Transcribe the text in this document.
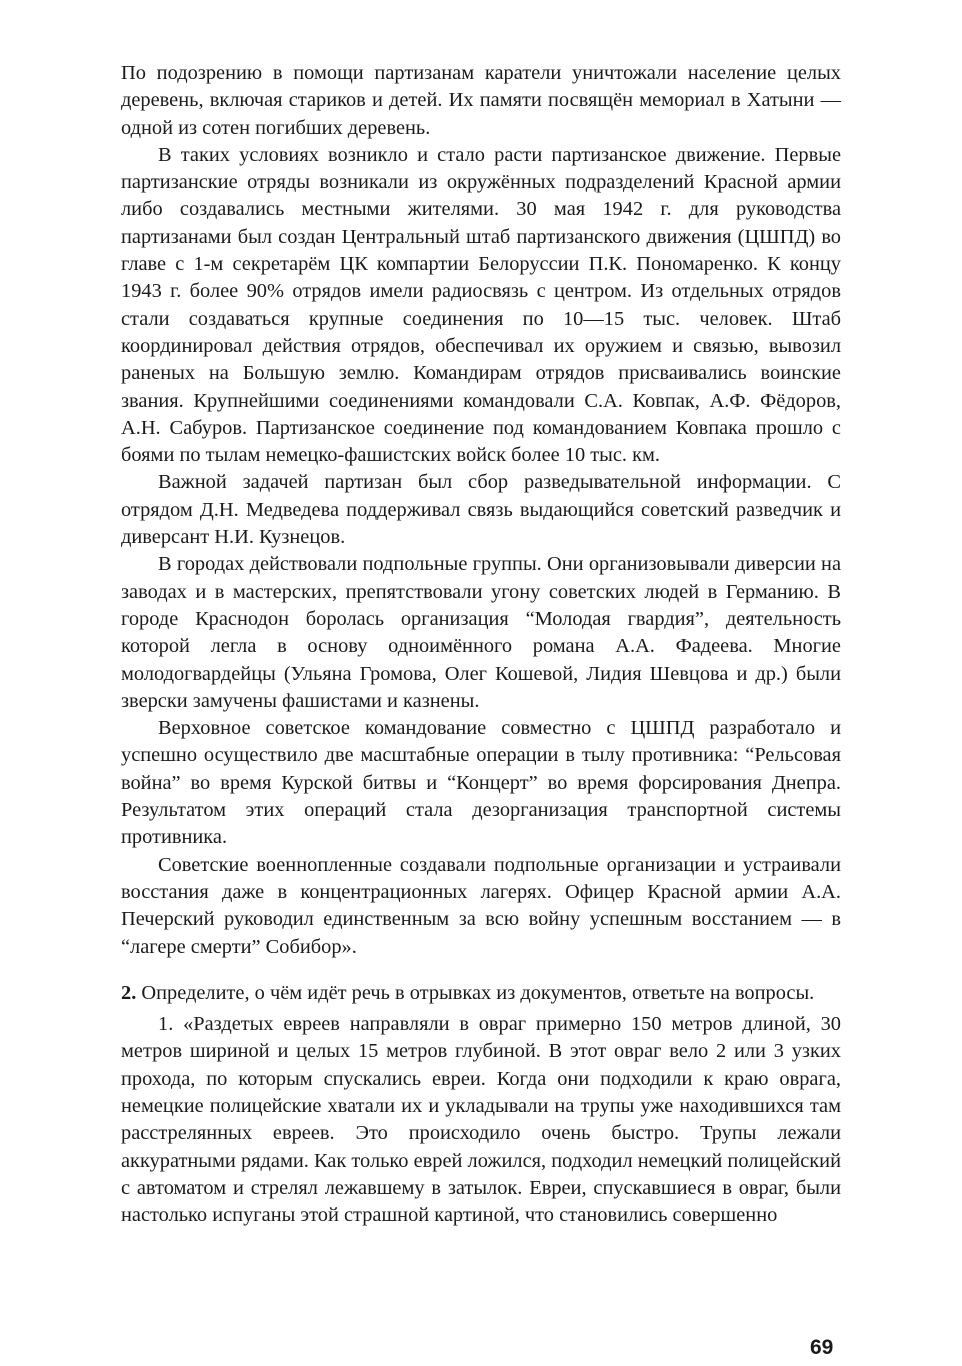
По подозрению в помощи партизанам каратели уничтожали население целых деревень, включая стариков и детей. Их памяти посвящён мемориал в Хатыни — одной из сотен погибших деревень.

В таких условиях возникло и стало расти партизанское движение. Первые партизанские отряды возникали из окружённых подразделений Красной армии либо создавались местными жителями. 30 мая 1942 г. для руководства партизанами был создан Центральный штаб партизанского движения (ЦШПД) во главе с 1-м секретарём ЦК компартии Белоруссии П.К. Пономаренко. К концу 1943 г. более 90% отрядов имели радиосвязь с центром. Из отдельных отрядов стали создаваться крупные соединения по 10—15 тыс. человек. Штаб координировал действия отрядов, обеспечивал их оружием и связью, вывозил раненых на Большую землю. Командирам отрядов присваивались воинские звания. Крупнейшими соединениями командовали С.А. Ковпак, А.Ф. Фёдоров, А.Н. Сабуров. Партизанское соединение под командованием Ковпака прошло с боями по тылам немецко-фашистских войск более 10 тыс. км.

Важной задачей партизан был сбор разведывательной информации. С отрядом Д.Н. Медведева поддерживал связь выдающийся советский разведчик и диверсант Н.И. Кузнецов.

В городах действовали подпольные группы. Они организовывали диверсии на заводах и в мастерских, препятствовали угону советских людей в Германию. В городе Краснодон боролась организация “Молодая гвардия”, деятельность которой легла в основу одноимённого романа А.А. Фадеева. Многие молодогвардейцы (Ульяна Громова, Олег Кошевой, Лидия Шевцова и др.) были зверски замучены фашистами и казнены.

Верховное советское командование совместно с ЦШПД разработало и успешно осуществило две масштабные операции в тылу противника: “Рельсовая война” во время Курской битвы и “Концерт” во время форсирования Днепра. Результатом этих операций стала дезорганизация транспортной системы противника.

Советские военнопленные создавали подпольные организации и устраивали восстания даже в концентрационных лагерях. Офицер Красной армии А.А. Печерский руководил единственным за всю войну успешным восстанием — в “лагере смерти” Собибор».

2. Определите, о чём идёт речь в отрывках из документов, ответьте на вопросы.

1. «Раздетых евреев направляли в овраг примерно 150 метров длиной, 30 метров шириной и целых 15 метров глубиной. В этот овраг вело 2 или 3 узких прохода, по которым спускались евреи. Когда они подходили к краю оврага, немецкие полицейские хватали их и укладывали на трупы уже находившихся там расстрелянных евреев. Это происходило очень быстро. Трупы лежали аккуратными рядами. Как только еврей ложился, подходил немецкий полицейский с автоматом и стрелял лежавшему в затылок. Евреи, спускавшиеся в овраг, были настолько испуганы этой страшной картиной, что становились совершенно

69
